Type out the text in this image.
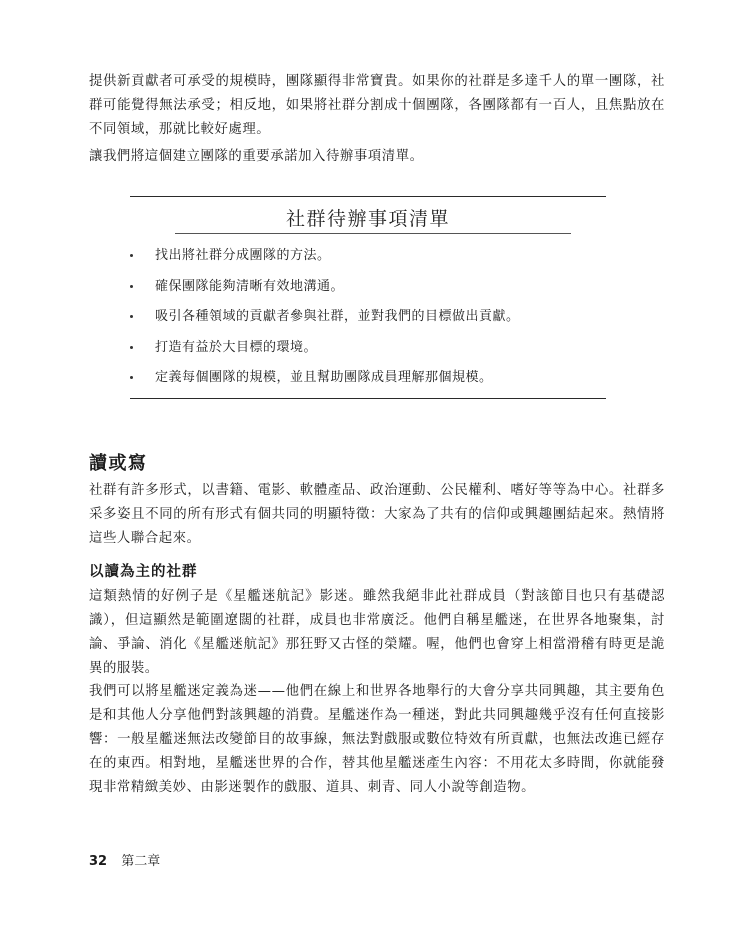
提供新貢獻者可承受的規模時，團隊顯得非常寶貴。如果你的社群是多達千人的單一團隊，社群可能覺得無法承受；相反地，如果將社群分割成十個團隊，各團隊都有一百人，且焦點放在不同領域，那就比較好處理。

讓我們將這個建立團隊的重要承諾加入待辦事項清單。

社群待辦事項清單
找出將社群分成團隊的方法。
確保團隊能夠清晰有效地溝通。
吸引各種領域的貢獻者參與社群，並對我們的目標做出貢獻。
打造有益於大目標的環境。
定義每個團隊的規模，並且幫助團隊成員理解那個規模。
讀或寫

社群有許多形式，以書籍、電影、軟體產品、政治運動、公民權利、嗜好等等為中心。社群多采多姿且不同的所有形式有個共同的明顯特徵：大家為了共有的信仰或興趣團結起來。熱情將這些人聯合起來。

以讀為主的社群

這類熱情的好例子是《星艦迷航記》影迷。雖然我絕非此社群成員（對該節目也只有基礎認識），但這顯然是範圍遼闊的社群，成員也非常廣泛。他們自稱星艦迷，在世界各地聚集，討論、爭論、消化《星艦迷航記》那狂野又古怪的榮耀。喔，他們也會穿上相當滑稽有時更是詭異的服裝。

我們可以將星艦迷定義為迷——他們在線上和世界各地舉行的大會分享共同興趣，其主要角色是和其他人分享他們對該興趣的消費。星艦迷作為一種迷，對此共同興趣幾乎沒有任何直接影響：一般星艦迷無法改變節目的故事線，無法對戲服或數位特效有所貢獻，也無法改進已經存在的東西。相對地，星艦迷世界的合作，替其他星艦迷產生內容：不用花太多時間，你就能發現非常精緻美妙、由影迷製作的戲服、道具、刺青、同人小說等創造物。

32 第二章
